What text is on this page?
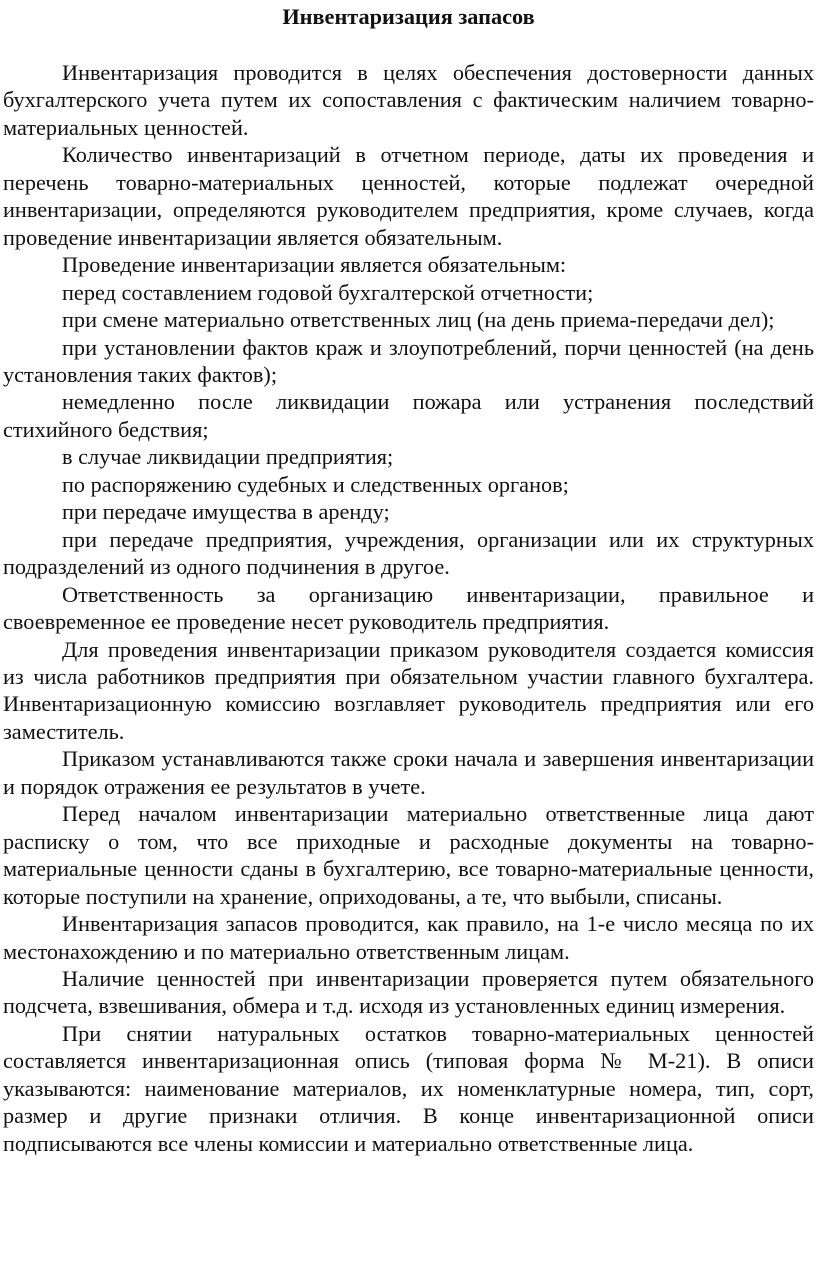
Инвентаризация запасов

Инвентаризация проводится в целях обеспечения достоверности данных бухгалтерского учета путем их сопоставления с фактическим наличием товарно-материальных ценностей.

Количество инвентаризаций в отчетном периоде, даты их проведения и перечень товарно-материальных ценностей, которые подлежат очередной инвентаризации, определяются руководителем предприятия, кроме случаев, когда проведение инвентаризации является обязательным.

Проведение инвентаризации является обязательным:

перед составлением годовой бухгалтерской отчетности;

при смене материально ответственных лиц (на день приема-передачи дел);

при установлении фактов краж и злоупотреблений, порчи ценностей (на день установления таких фактов);

немедленно после ликвидации пожара или устранения последствий стихийного бедствия;

в случае ликвидации предприятия;

по распоряжению судебных и следственных органов;

при передаче имущества в аренду;

при передаче предприятия, учреждения, организации или их структурных подразделений из одного подчинения в другое.

Ответственность за организацию инвентаризации, правильное и своевременное ее проведение несет руководитель предприятия.

Для проведения инвентаризации приказом руководителя создается комиссия из числа работников предприятия при обязательном участии главного бухгалтера. Инвентаризационную комиссию возглавляет руководитель предприятия или его заместитель.

Приказом устанавливаются также сроки начала и завершения инвентаризации и порядок отражения ее результатов в учете.

Перед началом инвентаризации материально ответственные лица дают расписку о том, что все приходные и расходные документы на товарно-материальные ценности сданы в бухгалтерию, все товарно-материальные ценности, которые поступили на хранение, оприходованы, а те, что выбыли, списаны.

Инвентаризация запасов проводится, как правило, на 1-е число месяца по их местонахождению и по материально ответственным лицам.

Наличие ценностей при инвентаризации проверяется путем обязательного подсчета, взвешивания, обмера и т.д. исходя из установленных единиц измерения.

При снятии натуральных остатков товарно-материальных ценностей составляется инвентаризационная опись (типовая форма № М-21). В описи указываются: наименование материалов, их номенклатурные номера, тип, сорт, размер и другие признаки отличия. В конце инвентаризационной описи подписываются все члены комиссии и материально ответственные лица.
